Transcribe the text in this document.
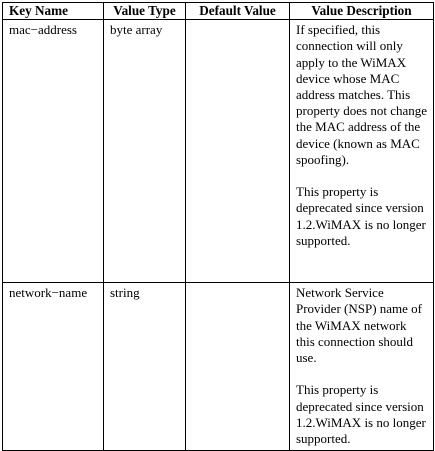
Key Name	Value Type	Default Value	Value Description
mac−address	byte array		If specified, this connection will only apply to the WiMAX device whose MAC address matches. This property does not change the MAC address of the device (known as MAC spoofing).
This property is deprecated since version 1.2.WiMAX is no longer supported.

network−name	string		Network Service Provider (NSP) name of the WiMAX network this connection should use.
This property is deprecated since version 1.2.WiMAX is no longer supported.
